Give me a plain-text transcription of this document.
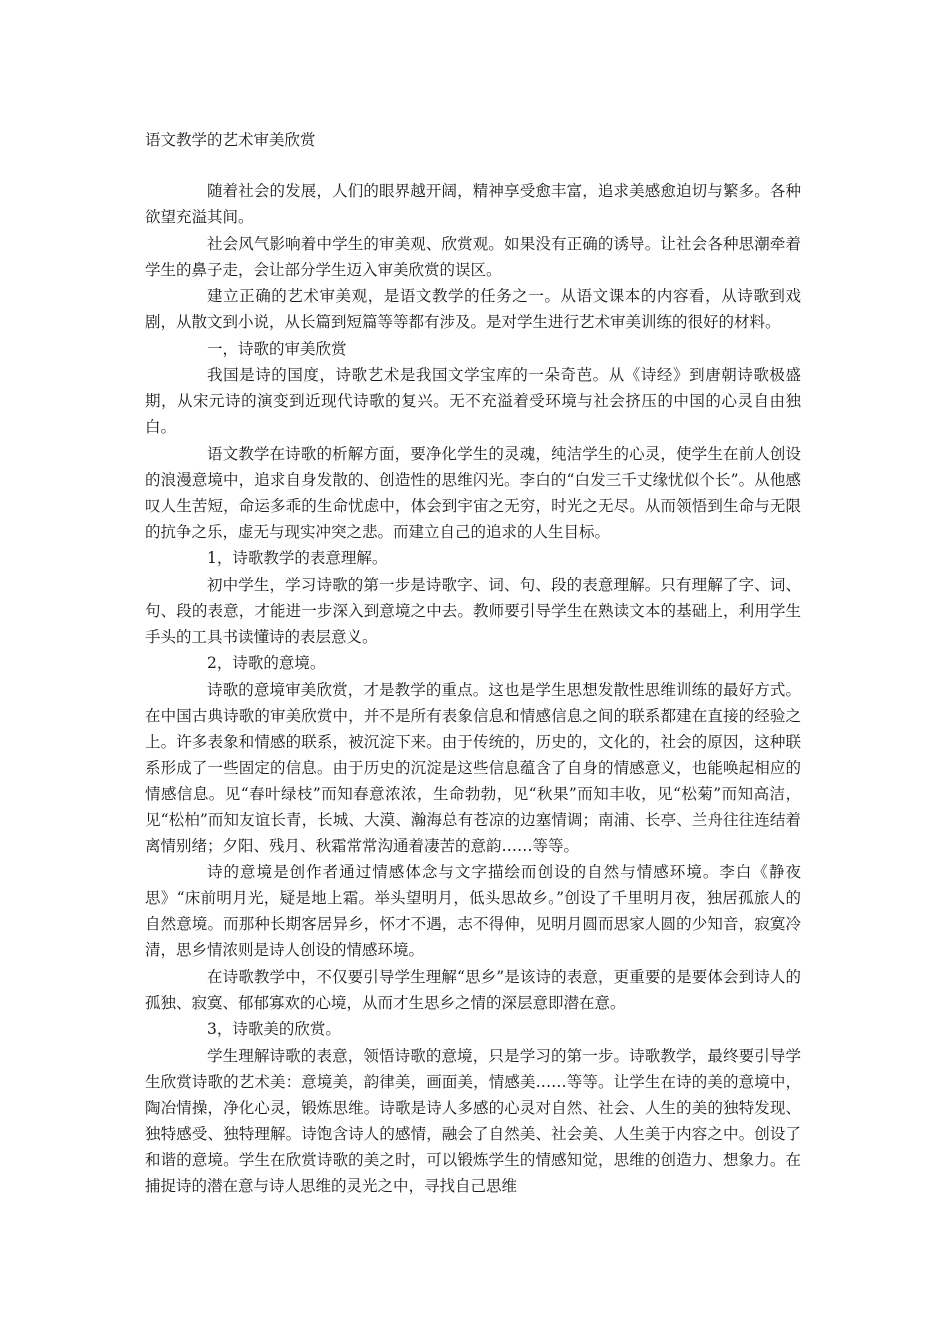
语文教学的艺术审美欣赏

随着社会的发展，人们的眼界越开阔，精神享受愈丰富，追求美感愈迫切与繁多。各种欲望充溢其间。

社会风气影响着中学生的审美观、欣赏观。如果没有正确的诱导。让社会各种思潮牵着学生的鼻子走，会让部分学生迈入审美欣赏的误区。

建立正确的艺术审美观，是语文教学的任务之一。从语文课本的内容看，从诗歌到戏剧，从散文到小说，从长篇到短篇等等都有涉及。是对学生进行艺术审美训练的很好的材料。

一，诗歌的审美欣赏

我国是诗的国度，诗歌艺术是我国文学宝库的一朵奇芭。从《诗经》到唐朝诗歌极盛期，从宋元诗的演变到近现代诗歌的复兴。无不充溢着受环境与社会挤压的中国的心灵自由独白。

语文教学在诗歌的析解方面，要净化学生的灵魂，纯洁学生的心灵，使学生在前人创设的浪漫意境中，追求自身发散的、创造性的思维闪光。李白的“白发三千丈缘忧似个长”。从他感叹人生苦短，命运多乖的生命忧虑中，体会到宇宙之无穷，时光之无尽。从而领悟到生命与无限的抗争之乐，虚无与现实冲突之悲。而建立自己的追求的人生目标。

1，诗歌教学的表意理解。

初中学生，学习诗歌的第一步是诗歌字、词、句、段的表意理解。只有理解了字、词、句、段的表意，才能进一步深入到意境之中去。教师要引导学生在熟读文本的基础上，利用学生手头的工具书读懂诗的表层意义。

2，诗歌的意境。

诗歌的意境审美欣赏，才是教学的重点。这也是学生思想发散性思维训练的最好方式。在中国古典诗歌的审美欣赏中，并不是所有表象信息和情感信息之间的联系都建在直接的经验之上。许多表象和情感的联系，被沉淀下来。由于传统的，历史的，文化的，社会的原因，这种联系形成了一些固定的信息。由于历史的沉淀是这些信息蕴含了自身的情感意义，也能唤起相应的情感信息。见“春叶绿枝”而知春意浓浓，生命勃勃，见“秋果”而知丰收，见“松菊”而知高洁，见“松柏”而知友谊长青，长城、大漠、瀚海总有苍凉的边塞情调；南浦、长亭、兰舟往往连结着离情别绪；夕阳、残月、秋霜常常沟通着凄苦的意韵……等等。

诗的意境是创作者通过情感体念与文字描绘而创设的自然与情感环境。李白《静夜思》“床前明月光，疑是地上霜。举头望明月，低头思故乡。”创设了千里明月夜，独居孤旅人的自然意境。而那种长期客居异乡，怀才不遇，志不得伸，见明月圆而思家人圆的少知音，寂寞冷清，思乡情浓则是诗人创设的情感环境。

在诗歌教学中，不仅要引导学生理解“思乡”是该诗的表意，更重要的是要体会到诗人的孤独、寂寞、郁郁寡欢的心境，从而才生思乡之情的深层意即潜在意。

3，诗歌美的欣赏。

学生理解诗歌的表意，领悟诗歌的意境，只是学习的第一步。诗歌教学，最终要引导学生欣赏诗歌的艺术美：意境美，韵律美，画面美，情感美……等等。让学生在诗的美的意境中，陶冶情操，净化心灵，锻炼思维。诗歌是诗人多感的心灵对自然、社会、人生的美的独特发现、独特感受、独特理解。诗饱含诗人的感情，融会了自然美、社会美、人生美于内容之中。创设了和谐的意境。学生在欣赏诗歌的美之时，可以锻炼学生的情感知觉，思维的创造力、想象力。在捕捉诗的潜在意与诗人思维的灵光之中，寻找自己思维
